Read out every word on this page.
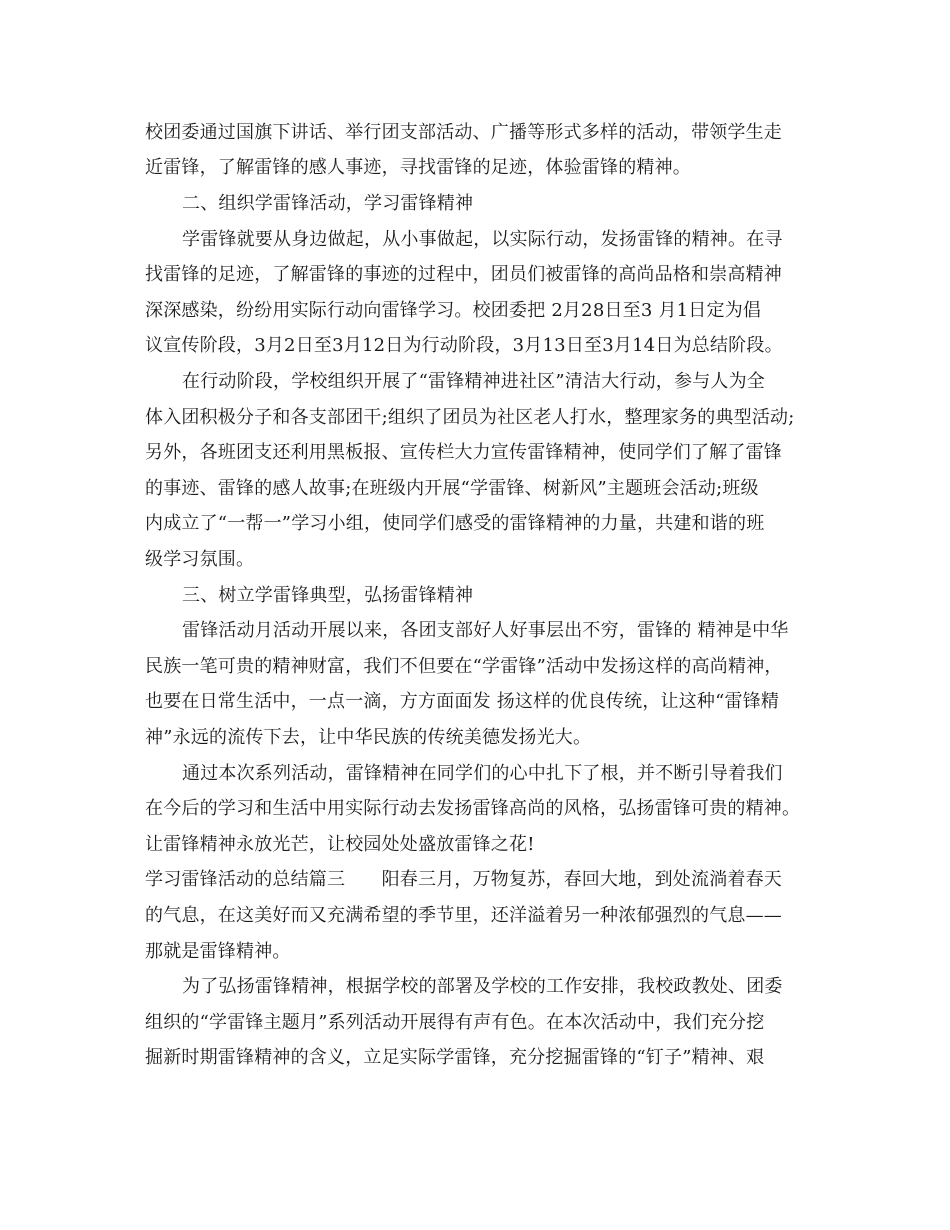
校团委通过国旗下讲话、举行团支部活动、广播等形式多样的活动，带领学生走
近雷锋，了解雷锋的感人事迹，寻找雷锋的足迹，体验雷锋的精神。
二、组织学雷锋活动，学习雷锋精神
学雷锋就要从身边做起，从小事做起，以实际行动，发扬雷锋的精神。在寻
找雷锋的足迹，了解雷锋的事迹的过程中，团员们被雷锋的高尚品格和崇高精神
深深感染，纷纷用实际行动向雷锋学习。校团委把 2月28日至3 月1日定为倡
议宣传阶段，3月2日至3月12日为行动阶段，3月13日至3月14日为总结阶段。
在行动阶段，学校组织开展了“雷锋精神进社区”清洁大行动，参与人为全
体入团积极分子和各支部团干;组织了团员为社区老人打水，整理家务的典型活动;
另外，各班团支还利用黑板报、宣传栏大力宣传雷锋精神，使同学们了解了雷锋
的事迹、雷锋的感人故事;在班级内开展“学雷锋、树新风”主题班会活动;班级
内成立了“一帮一”学习小组，使同学们感受的雷锋精神的力量，共建和谐的班
级学习氛围。
三、树立学雷锋典型，弘扬雷锋精神
雷锋活动月活动开展以来，各团支部好人好事层出不穷，雷锋的 精神是中华
民族一笔可贵的精神财富，我们不但要在“学雷锋”活动中发扬这样的高尚精神，
也要在日常生活中，一点一滴，方方面面发 扬这样的优良传统，让这种“雷锋精
神”永远的流传下去，让中华民族的传统美德发扬光大。
通过本次系列活动，雷锋精神在同学们的心中扎下了根，并不断引导着我们
在今后的学习和生活中用实际行动去发扬雷锋高尚的风格，弘扬雷锋可贵的精神。
让雷锋精神永放光芒，让校园处处盛放雷锋之花!
学习雷锋活动的总结篇三　　阳春三月，万物复苏，春回大地，到处流淌着春天
的气息，在这美好而又充满希望的季节里，还洋溢着另一种浓郁强烈的气息——
那就是雷锋精神。
为了弘扬雷锋精神，根据学校的部署及学校的工作安排，我校政教处、团委
组织的“学雷锋主题月”系列活动开展得有声有色。在本次活动中，我们充分挖
掘新时期雷锋精神的含义，立足实际学雷锋，充分挖掘雷锋的“钉子”精神、艰
